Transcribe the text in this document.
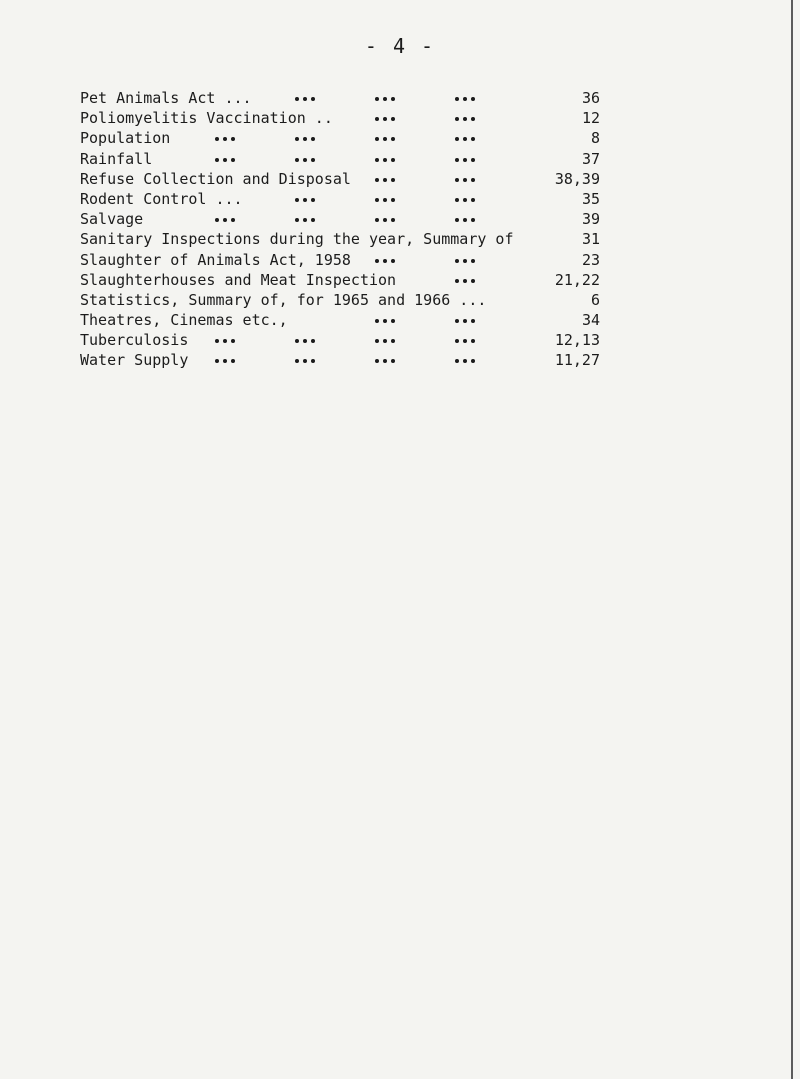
- 4 -
Pet Animals Act ...	36
Poliomyelitis Vaccination ..	12
Population	8
Rainfall	37
Refuse Collection and Disposal	38,39
Rodent Control ...	35
Salvage	39
Sanitary Inspections during the year, Summary of	31
Slaughter of Animals Act, 1958	23
Slaughterhouses and Meat Inspection	21,22
Statistics, Summary of, for 1965 and 1966 ...	6
Theatres, Cinemas etc.,	34
Tuberculosis	12,13
Water Supply	11,27
